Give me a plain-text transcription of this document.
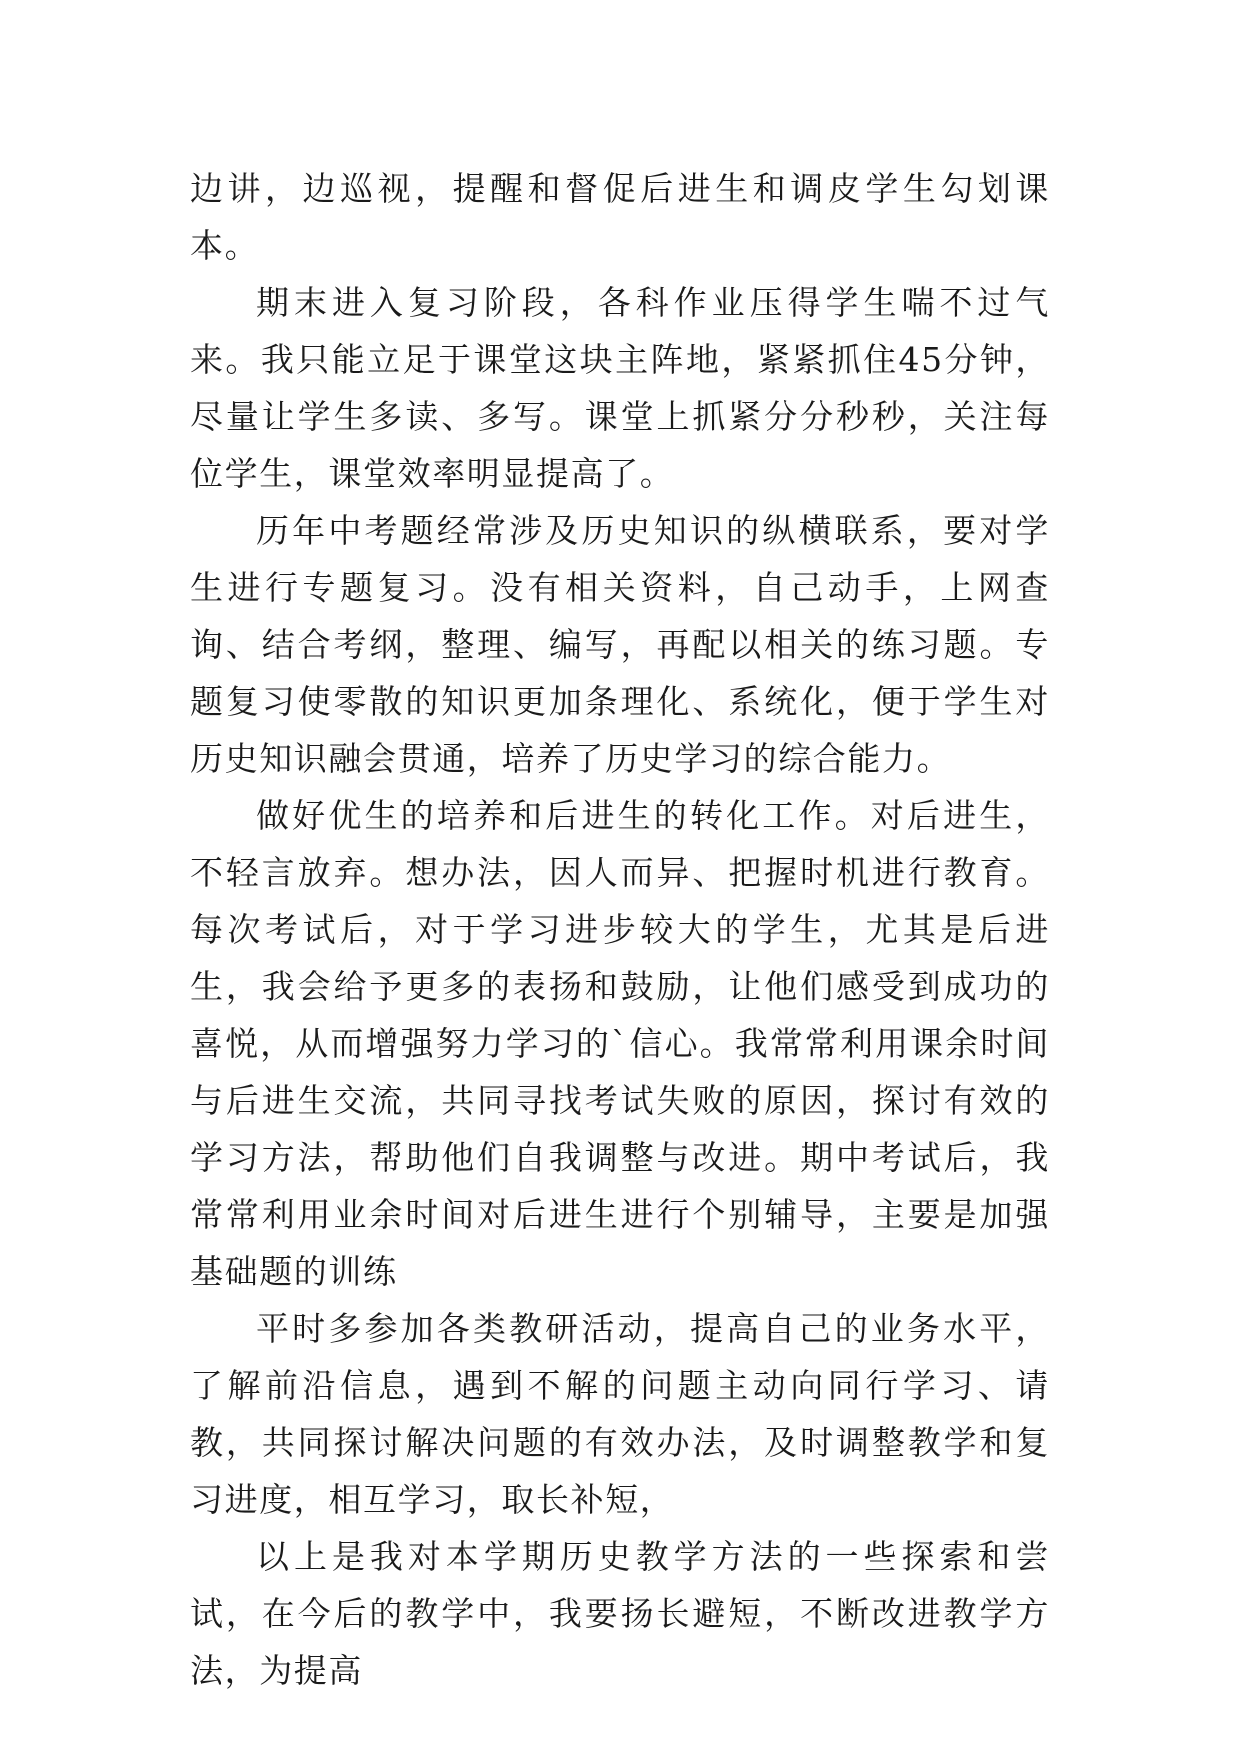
边讲，边巡视，提醒和督促后进生和调皮学生勾划课本。

期末进入复习阶段，各科作业压得学生喘不过气来。我只能立足于课堂这块主阵地，紧紧抓住45分钟，尽量让学生多读、多写。课堂上抓紧分分秒秒，关注每位学生，课堂效率明显提高了。

历年中考题经常涉及历史知识的纵横联系，要对学生进行专题复习。没有相关资料，自己动手，上网查询、结合考纲，整理、编写，再配以相关的练习题。专题复习使零散的知识更加条理化、系统化，便于学生对历史知识融会贯通，培养了历史学习的综合能力。

做好优生的培养和后进生的转化工作。对后进生，不轻言放弃。想办法，因人而异、把握时机进行教育。每次考试后，对于学习进步较大的学生，尤其是后进生，我会给予更多的表扬和鼓励，让他们感受到成功的喜悦，从而增强努力学习的`信心。我常常利用课余时间与后进生交流，共同寻找考试失败的原因，探讨有效的学习方法，帮助他们自我调整与改进。期中考试后，我常常利用业余时间对后进生进行个别辅导，主要是加强基础题的训练

平时多参加各类教研活动，提高自己的业务水平，了解前沿信息，遇到不解的问题主动向同行学习、请教，共同探讨解决问题的有效办法，及时调整教学和复习进度，相互学习，取长补短，

以上是我对本学期历史教学方法的一些探索和尝试，在今后的教学中，我要扬长避短，不断改进教学方法，为提高
